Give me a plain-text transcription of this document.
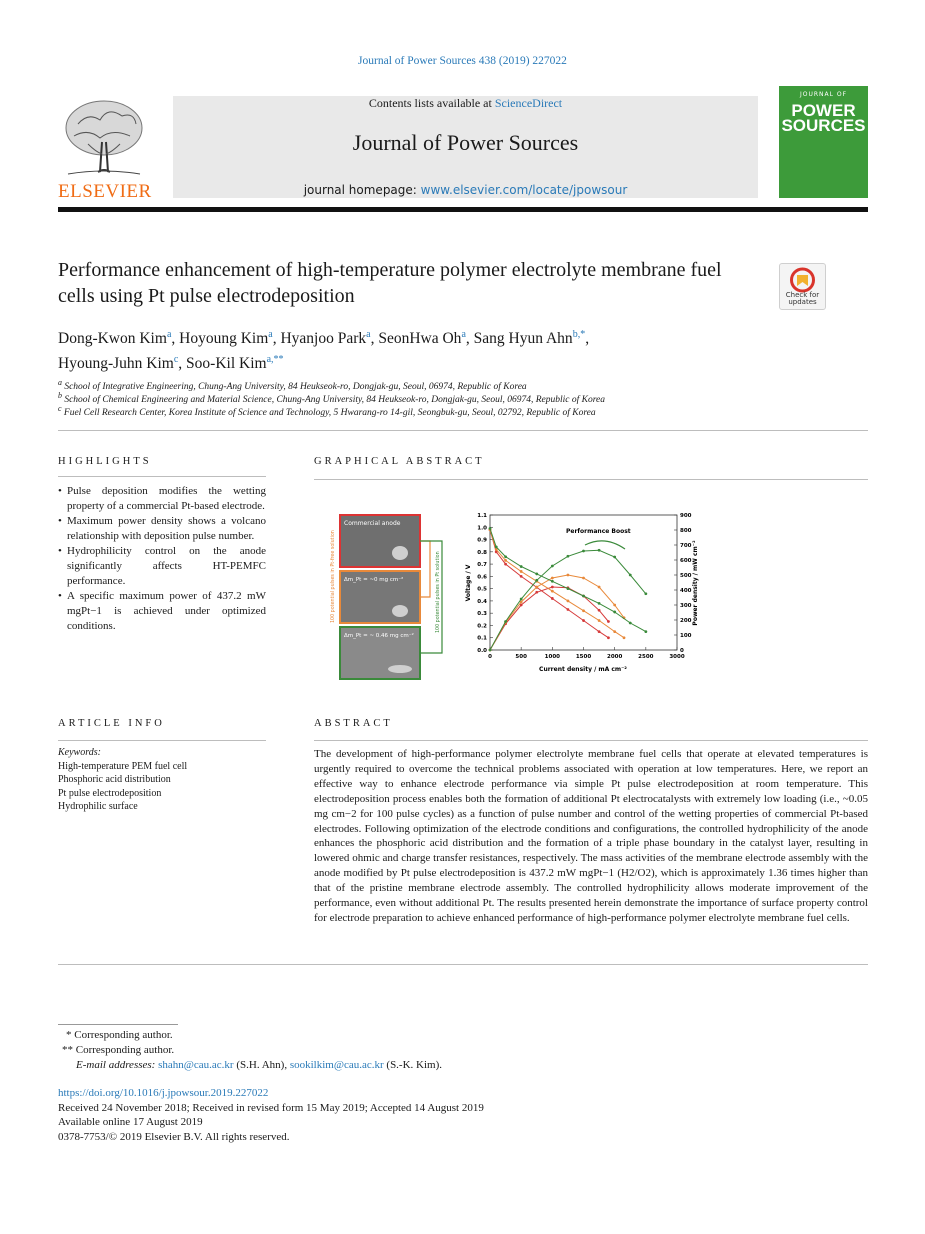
Journal of Power Sources 438 (2019) 227022
Contents lists available at ScienceDirect
Journal of Power Sources
journal homepage: www.elsevier.com/locate/jpowsour
ELSEVIER
JOURNAL OF
POWER SOURCES
Performance enhancement of high-temperature polymer electrolyte membrane fuel cells using Pt pulse electrodeposition	Check for updates
Dong-Kwon Kim$^a$, Hoyoung Kim$^a$, Hyanjoo Park$^a$, SeonHwa Oh$^a$, Sang Hyun Ahn$^{b,*}$,
Hyoung-Juhn Kim$^c$, Soo-Kil Kim$^{a,**}$
$^a$ School of Integrative Engineering, Chung-Ang University, 84 Heukseok-ro, Dongjak-gu, Seoul, 06974, Republic of Korea
$^b$ School of Chemical Engineering and Material Science, Chung-Ang University, 84 Heukseok-ro, Dongjak-gu, Seoul, 06974, Republic of Korea
$^c$ Fuel Cell Research Center, Korea Institute of Science and Technology, 5 Hwarang-ro 14-gil, Seongbuk-gu, Seoul, 02792, Republic of Korea
HIGHLIGHTS
• Pulse deposition modifies the wetting property of a commercial Pt-based electrode.
• Maximum power density shows a volcano relationship with deposition pulse number.
• Hydrophilicity control on the anode significantly affects HT-PEMFC performance.
• A specific maximum power of 437.2 mW mgPt−1 is achieved under optimized conditions.
GRAPHICAL ABSTRACT
Commercial anode
Δm_Pt = ~0 mg cm⁻²
Δm_Pt = ~ 0.46 mg cm⁻²
100 potential pulses in Pt-free solution	100 potential pulses in Pt solution
0	500	1000	1500	2000	2500	3000
0.0
0.1
0.2
0.3
0.4
0.5
0.6
0.7
0.8
0.9
1.0
1.1
0
100
200
300
400
500
600
700
800
900
Performance Boost
Current density / mA cm⁻²
Voltage / V	Power density / mW cm⁻²
ARTICLE INFO
Keywords:
High-temperature PEM fuel cell
Phosphoric acid distribution
Pt pulse electrodeposition
Hydrophilic surface
ABSTRACT
The development of high-performance polymer electrolyte membrane fuel cells that operate at elevated temperatures is urgently required to overcome the technical problems associated with operation at low temperatures. Here, we report an effective way to enhance electrode performance via simple Pt pulse electrodeposition at room temperature. This electrodeposition process enables both the formation of additional Pt electrocatalysts with extremely low loading (i.e., ~0.05 mg cm−2 for 100 pulse cycles) as a function of pulse number and control of the wetting properties of commercial Pt-based electrodes. Following optimization of the electrode conditions and configurations, the controlled hydrophilicity of the anode enhances the phosphoric acid distribution and the formation of a triple phase boundary in the catalyst layer, resulting in lowered ohmic and charge transfer resistances, respectively. The mass activities of the membrane electrode assembly with the anode modified by Pt pulse electrodeposition is 437.2 mW mgPt−1 (H2/O2), which is approximately 1.36 times higher than that of the pristine membrane electrode assembly. The controlled hydrophilicity allows moderate improvement of the performance, even without additional Pt. The results presented herein demonstrate the importance of surface property control for electrode preparation to achieve enhanced performance of high-performance polymer electrolyte membrane fuel cells.
* Corresponding author.
** Corresponding author.
E-mail addresses: shahn@cau.ac.kr (S.H. Ahn), sookilkim@cau.ac.kr (S.-K. Kim).
https://doi.org/10.1016/j.jpowsour.2019.227022
Received 24 November 2018; Received in revised form 15 May 2019; Accepted 14 August 2019
Available online 17 August 2019
0378-7753/© 2019 Elsevier B.V. All rights reserved.
